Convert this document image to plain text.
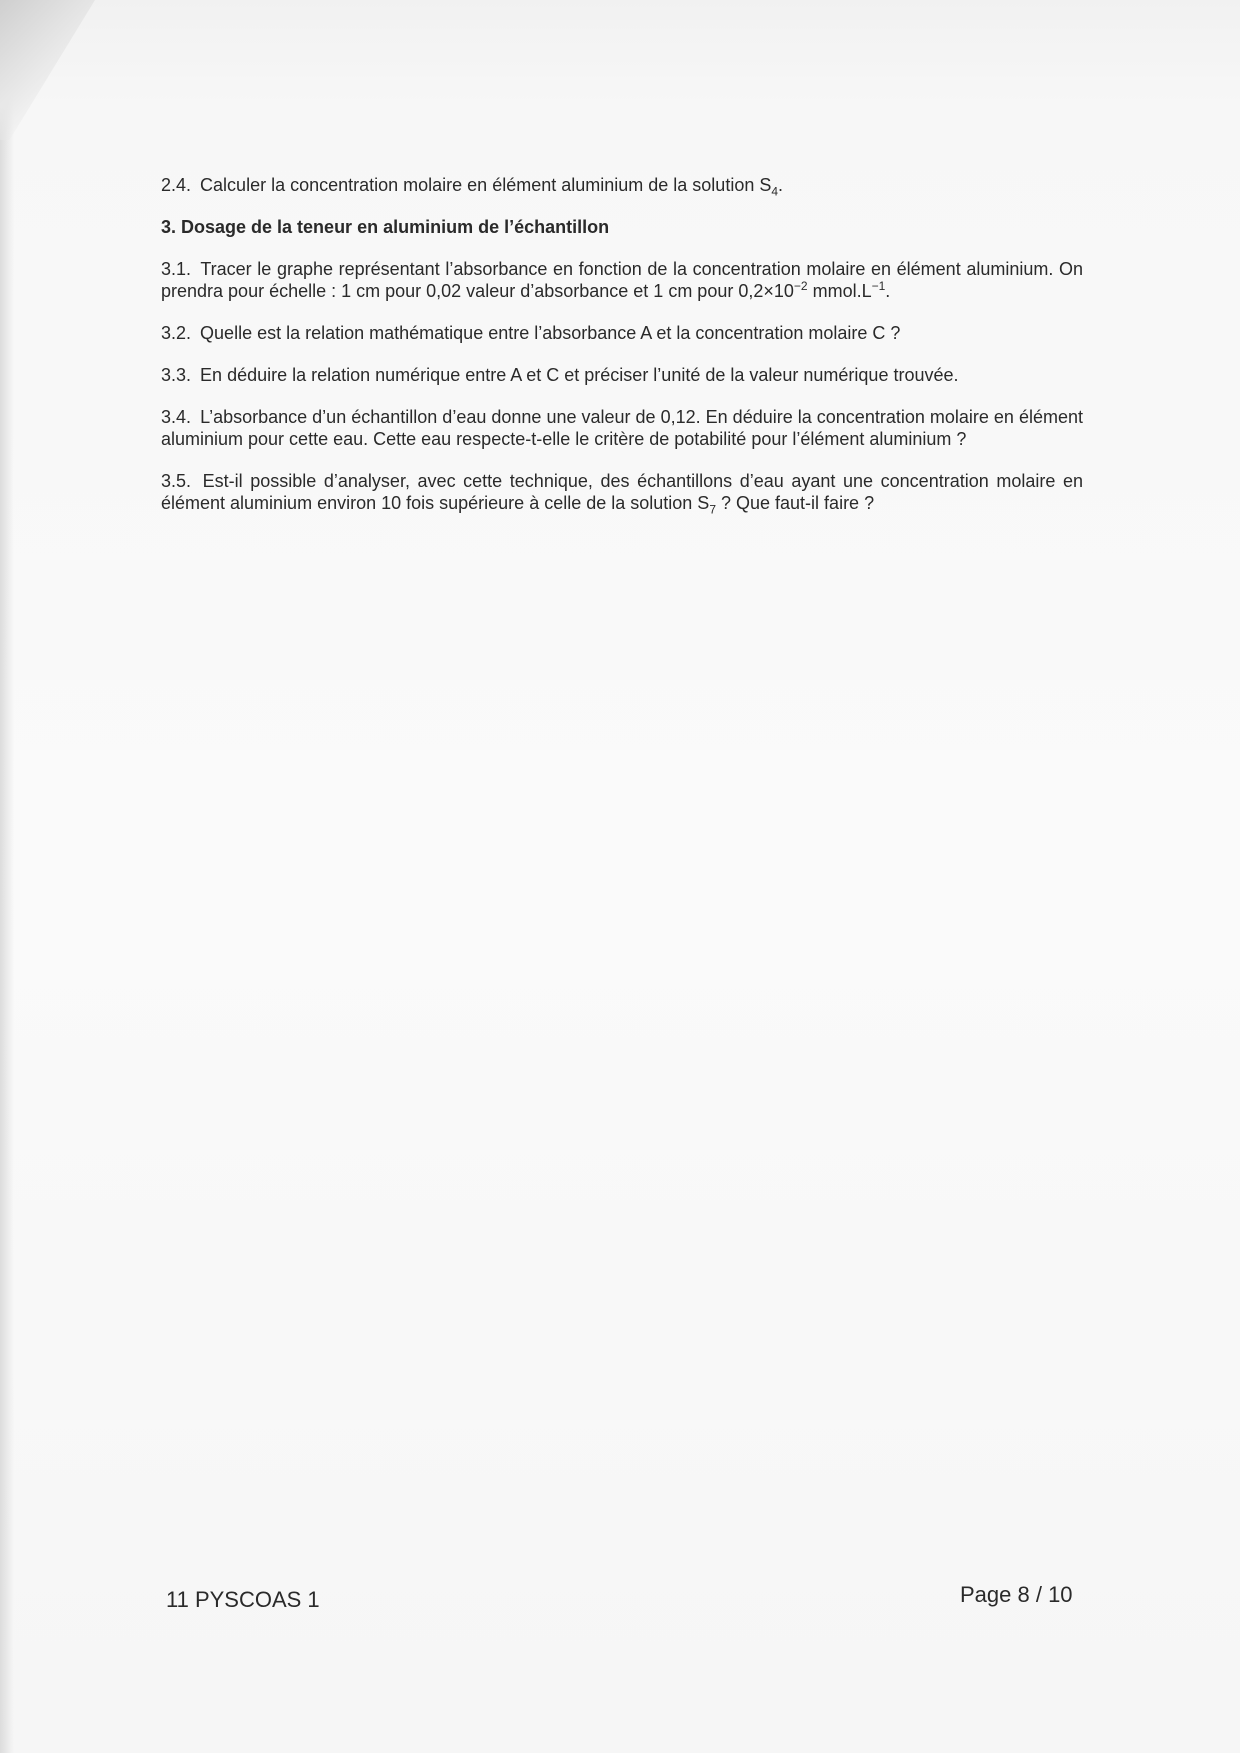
2.4. Calculer la concentration molaire en élément aluminium de la solution $S_4$.

3. Dosage de la teneur en aluminium de l’échantillon

3.1. Tracer le graphe représentant l’absorbance en fonction de la concentration molaire en élément aluminium. On prendra pour échelle : 1 cm pour 0,02 valeur d’absorbance et 1 cm pour $0,2\times 10^{-2}$ $mmol.L^{-1}$.

3.2. Quelle est la relation mathématique entre l’absorbance A et la concentration molaire C ?

3.3. En déduire la relation numérique entre A et C et préciser l’unité de la valeur numérique trouvée.

3.4. L’absorbance d’un échantillon d’eau donne une valeur de 0,12. En déduire la concentration molaire en élément aluminium pour cette eau. Cette eau respecte-t-elle le critère de potabilité pour l’élément aluminium ?

3.5. Est-il possible d’analyser, avec cette technique, des échantillons d’eau ayant une concentration molaire en élément aluminium environ 10 fois supérieure à celle de la solution $S_7$ ? Que faut-il faire ?

11 PYSCOAS 1	Page 8 / 10
